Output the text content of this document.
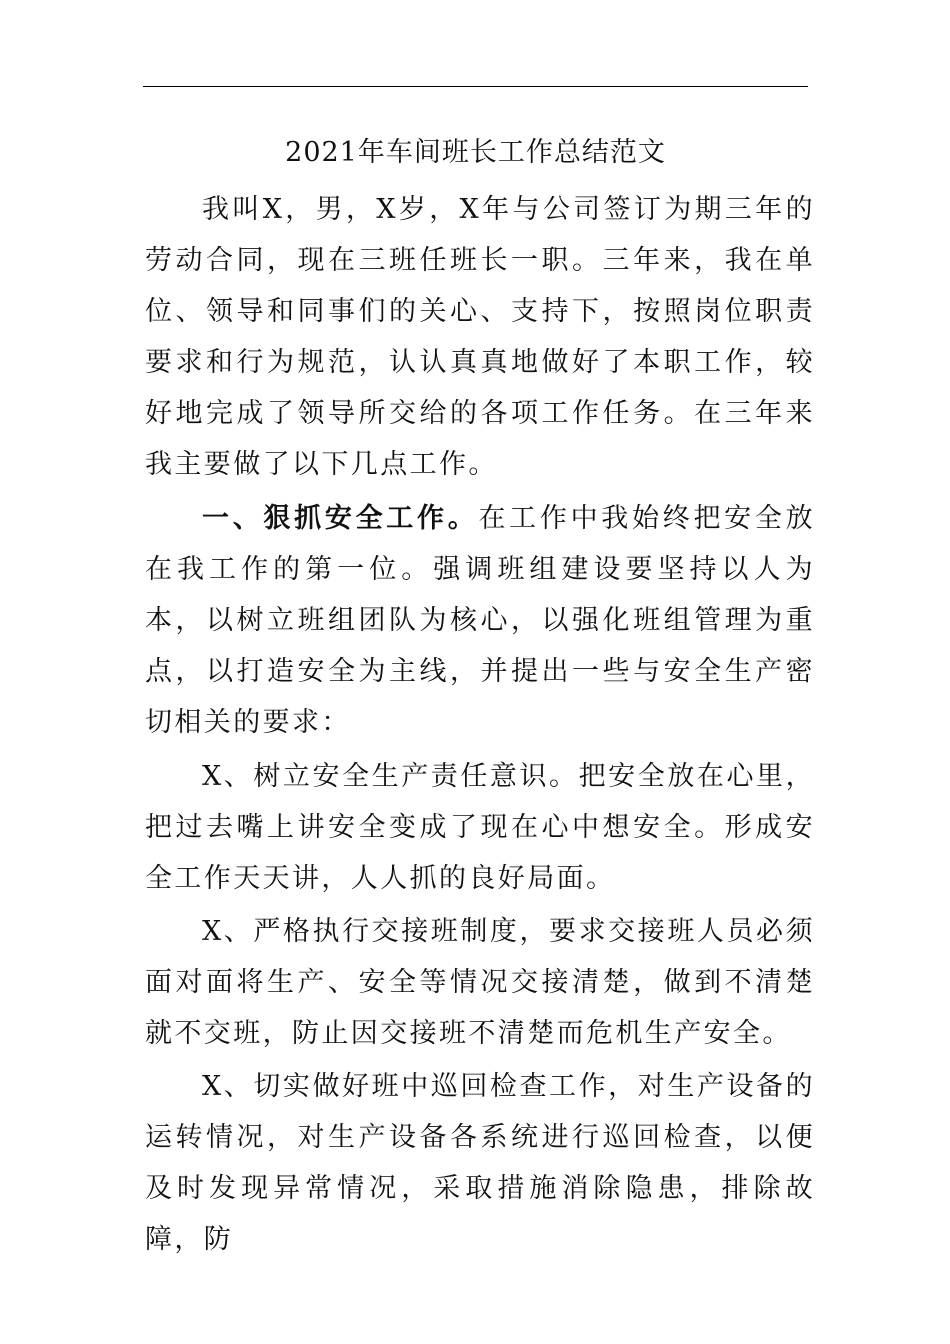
2021年车间班长工作总结范文

我叫X，男，X岁，X年与公司签订为期三年的劳动合同，现在三班任班长一职。三年来，我在单位、领导和同事们的关心、支持下，按照岗位职责要求和行为规范，认认真真地做好了本职工作，较好地完成了领导所交给的各项工作任务。在三年来我主要做了以下几点工作。

一、狠抓安全工作。在工作中我始终把安全放在我工作的第一位。强调班组建设要坚持以人为本，以树立班组团队为核心，以强化班组管理为重点，以打造安全为主线，并提出一些与安全生产密切相关的要求：

X、树立安全生产责任意识。把安全放在心里，把过去嘴上讲安全变成了现在心中想安全。形成安全工作天天讲，人人抓的良好局面。

X、严格执行交接班制度，要求交接班人员必须面对面将生产、安全等情况交接清楚，做到不清楚就不交班，防止因交接班不清楚而危机生产安全。

X、切实做好班中巡回检查工作，对生产设备的运转情况，对生产设备各系统进行巡回检查，以便及时发现异常情况，采取措施消除隐患，排除故障，防
